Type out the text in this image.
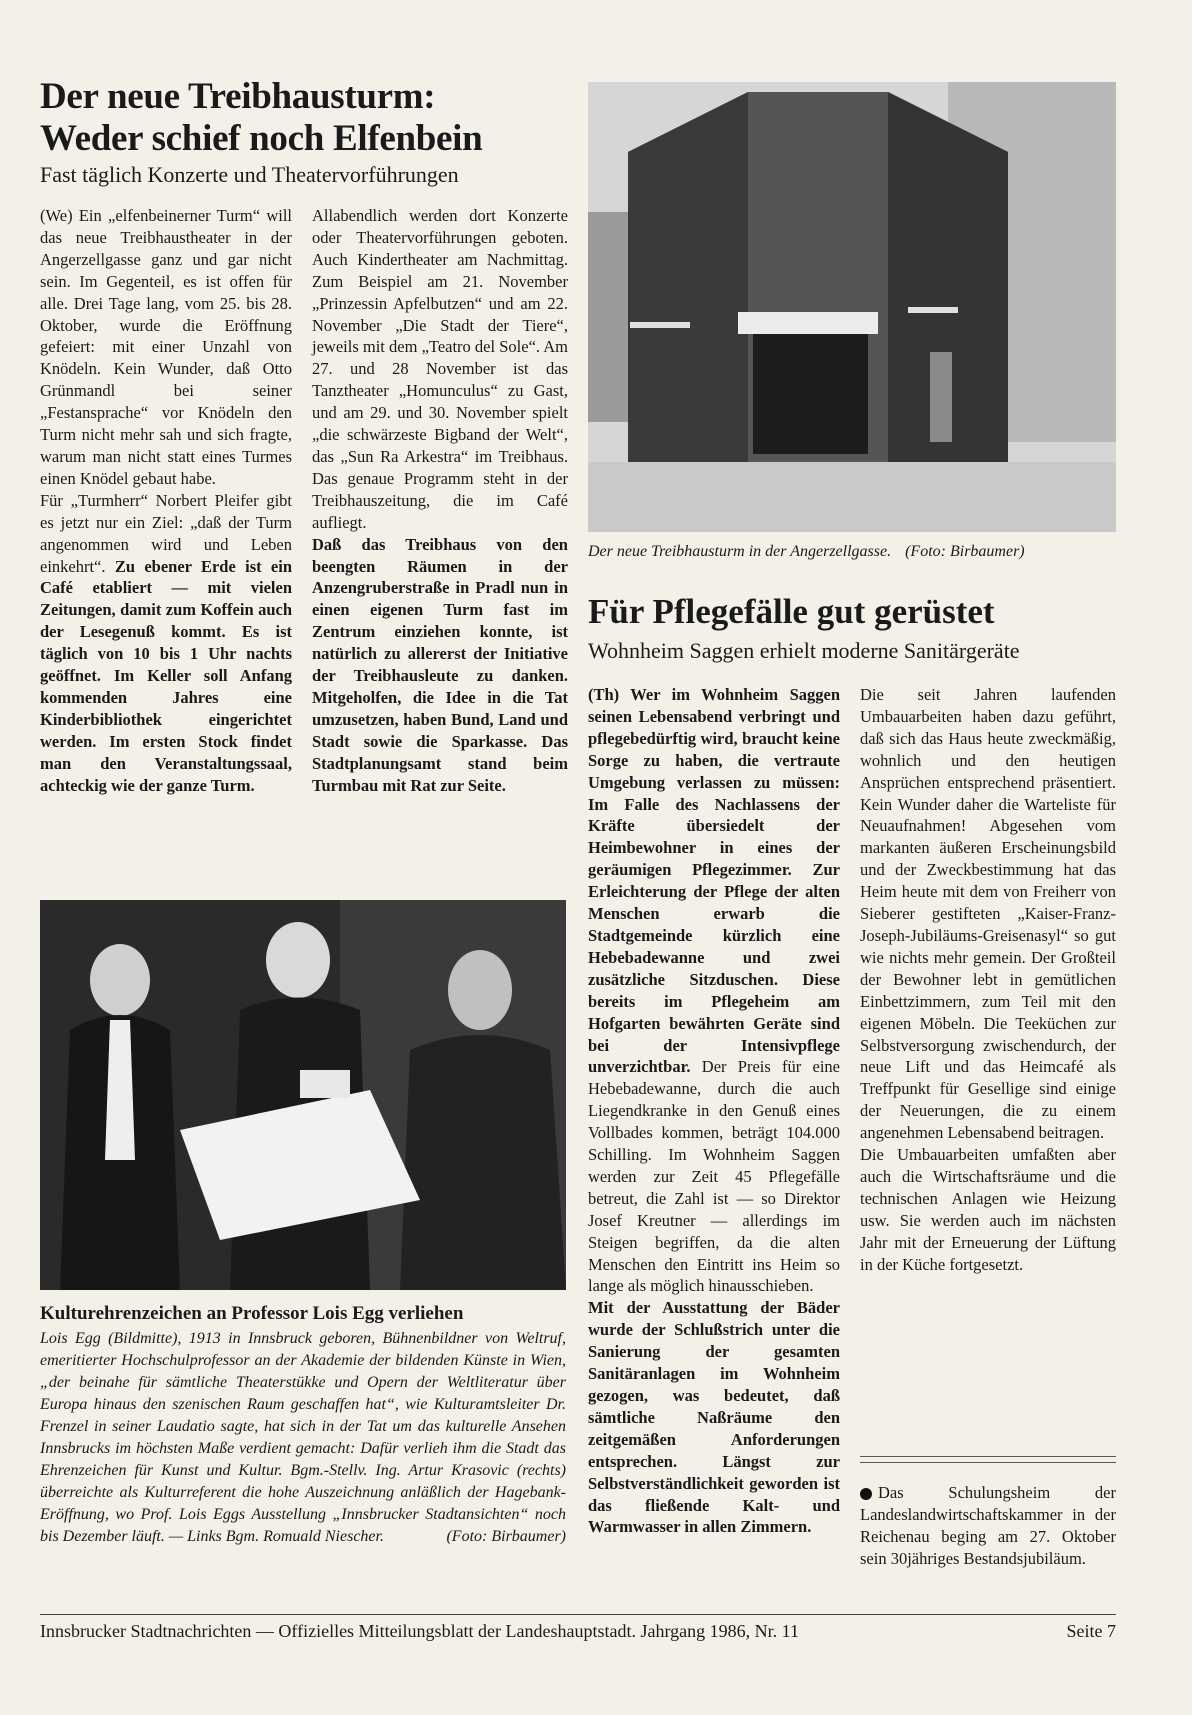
Der neue Treibhausturm:
Weder schief noch Elfenbein
Fast täglich Konzerte und Theatervorführungen

(We) Ein „elfenbeinerner Turm“ will das neue Treibhaustheater in der Angerzellgasse ganz und gar nicht sein. Im Gegenteil, es ist offen für alle. Drei Tage lang, vom 25. bis 28. Oktober, wurde die Eröffnung gefeiert: mit einer Unzahl von Knödeln. Kein Wunder, daß Otto Grünmandl bei seiner „Festansprache“ vor Knödeln den Turm nicht mehr sah und sich fragte, warum man nicht statt eines Turmes einen Knödel gebaut habe.

Für „Turmherr“ Norbert Pleifer gibt es jetzt nur ein Ziel: „daß der Turm angenommen wird und Leben einkehrt“. Zu ebener Erde ist ein Café etabliert — mit vielen Zeitungen, damit zum Koffein auch der Lesegenuß kommt. Es ist täglich von 10 bis 1 Uhr nachts geöffnet. Im Keller soll Anfang kommenden Jahres eine Kinderbibliothek eingerichtet werden. Im ersten Stock findet man den Veranstaltungssaal, achteckig wie der ganze Turm.

Allabendlich werden dort Konzerte oder Theatervorführungen geboten. Auch Kindertheater am Nachmittag. Zum Beispiel am 21. November „Prinzessin Apfelbutzen“ und am 22. November „Die Stadt der Tiere“, jeweils mit dem „Teatro del Sole“. Am 27. und 28 November ist das Tanztheater „Homunculus“ zu Gast, und am 29. und 30. November spielt „die schwärzeste Bigband der Welt“, das „Sun Ra Arkestra“ im Treibhaus. Das genaue Programm steht in der Treibhauszeitung, die im Café aufliegt.

Daß das Treibhaus von den beengten Räumen in der Anzengruberstraße in Pradl nun in einen eigenen Turm fast im Zentrum einziehen konnte, ist natürlich zu allererst der Initiative der Treibhausleute zu danken. Mitgeholfen, die Idee in die Tat umzusetzen, haben Bund, Land und Stadt sowie die Sparkasse. Das Stadtplanungsamt stand beim Turmbau mit Rat zur Seite.

Der neue Treibhausturm in der Angerzellgasse. (Foto: Birbaumer)
Für Pflegefälle gut gerüstet
Wohnheim Saggen erhielt moderne Sanitärgeräte

(Th) Wer im Wohnheim Saggen seinen Lebensabend verbringt und pflegebedürftig wird, braucht keine Sorge zu haben, die vertraute Umgebung verlassen zu müssen: Im Falle des Nachlassens der Kräfte übersiedelt der Heimbewohner in eines der geräumigen Pflegezimmer. Zur Erleichterung der Pflege der alten Menschen erwarb die Stadtgemeinde kürzlich eine Hebebadewanne und zwei zusätzliche Sitzduschen. Diese bereits im Pflegeheim am Hofgarten bewährten Geräte sind bei der Intensivpflege unverzichtbar. Der Preis für eine Hebebadewanne, durch die auch Liegendkranke in den Genuß eines Vollbades kommen, beträgt 104.000 Schilling. Im Wohnheim Saggen werden zur Zeit 45 Pflegefälle betreut, die Zahl ist — so Direktor Josef Kreutner — allerdings im Steigen begriffen, da die alten Menschen den Eintritt ins Heim so lange als möglich hinausschieben.

Mit der Ausstattung der Bäder wurde der Schlußstrich unter die Sanierung der gesamten Sanitäranlagen im Wohnheim gezogen, was bedeutet, daß sämtliche Naßräume den zeitgemäßen Anforderungen entsprechen. Längst zur Selbstverständlichkeit geworden ist das fließende Kalt- und Warmwasser in allen Zimmern.

Die seit Jahren laufenden Umbauarbeiten haben dazu geführt, daß sich das Haus heute zweckmäßig, wohnlich und den heutigen Ansprüchen entsprechend präsentiert. Kein Wunder daher die Warteliste für Neuaufnahmen! Abgesehen vom markanten äußeren Erscheinungsbild und der Zweckbestimmung hat das Heim heute mit dem von Freiherr von Sieberer gestifteten „Kaiser-Franz-Joseph-Jubiläums-Greisenasyl“ so gut wie nichts mehr gemein. Der Großteil der Bewohner lebt in gemütlichen Einbettzimmern, zum Teil mit den eigenen Möbeln. Die Teeküchen zur Selbstversorgung zwischendurch, der neue Lift und das Heimcafé als Treffpunkt für Gesellige sind einige der Neuerungen, die zu einem angenehmen Lebensabend beitragen.

Die Umbauarbeiten umfaßten aber auch die Wirtschaftsräume und die technischen Anlagen wie Heizung usw. Sie werden auch im nächsten Jahr mit der Erneuerung der Lüftung in der Küche fortgesetzt.

Das Schulungsheim der Landeslandwirtschaftskammer in der Reichenau beging am 27. Oktober sein 30jähriges Bestandsjubiläum.
Kulturehrenzeichen an Professor Lois Egg verliehen
Lois Egg (Bildmitte), 1913 in Innsbruck geboren, Bühnenbildner von Weltruf, emeritierter Hochschulprofessor an der Akademie der bildenden Künste in Wien, „der beinahe für sämtliche Theaterstükke und Opern der Weltliteratur über Europa hinaus den szenischen Raum geschaffen hat“, wie Kulturamtsleiter Dr. Frenzel in seiner Laudatio sagte, hat sich in der Tat um das kulturelle Ansehen Innsbrucks im höchsten Maße verdient gemacht: Dafür verlieh ihm die Stadt das Ehrenzeichen für Kunst und Kultur. Bgm.-Stellv. Ing. Artur Krasovic (rechts) überreichte als Kulturreferent die hohe Auszeichnung anläßlich der Hagebank-Eröffnung, wo Prof. Lois Eggs Ausstellung „Innsbrucker Stadtansichten“ noch bis Dezember läuft. — Links Bgm. Romuald Niescher.	(Foto: Birbaumer)
Innsbrucker Stadtnachrichten — Offizielles Mitteilungsblatt der Landeshauptstadt. Jahrgang 1986, Nr. 11	Seite 7
